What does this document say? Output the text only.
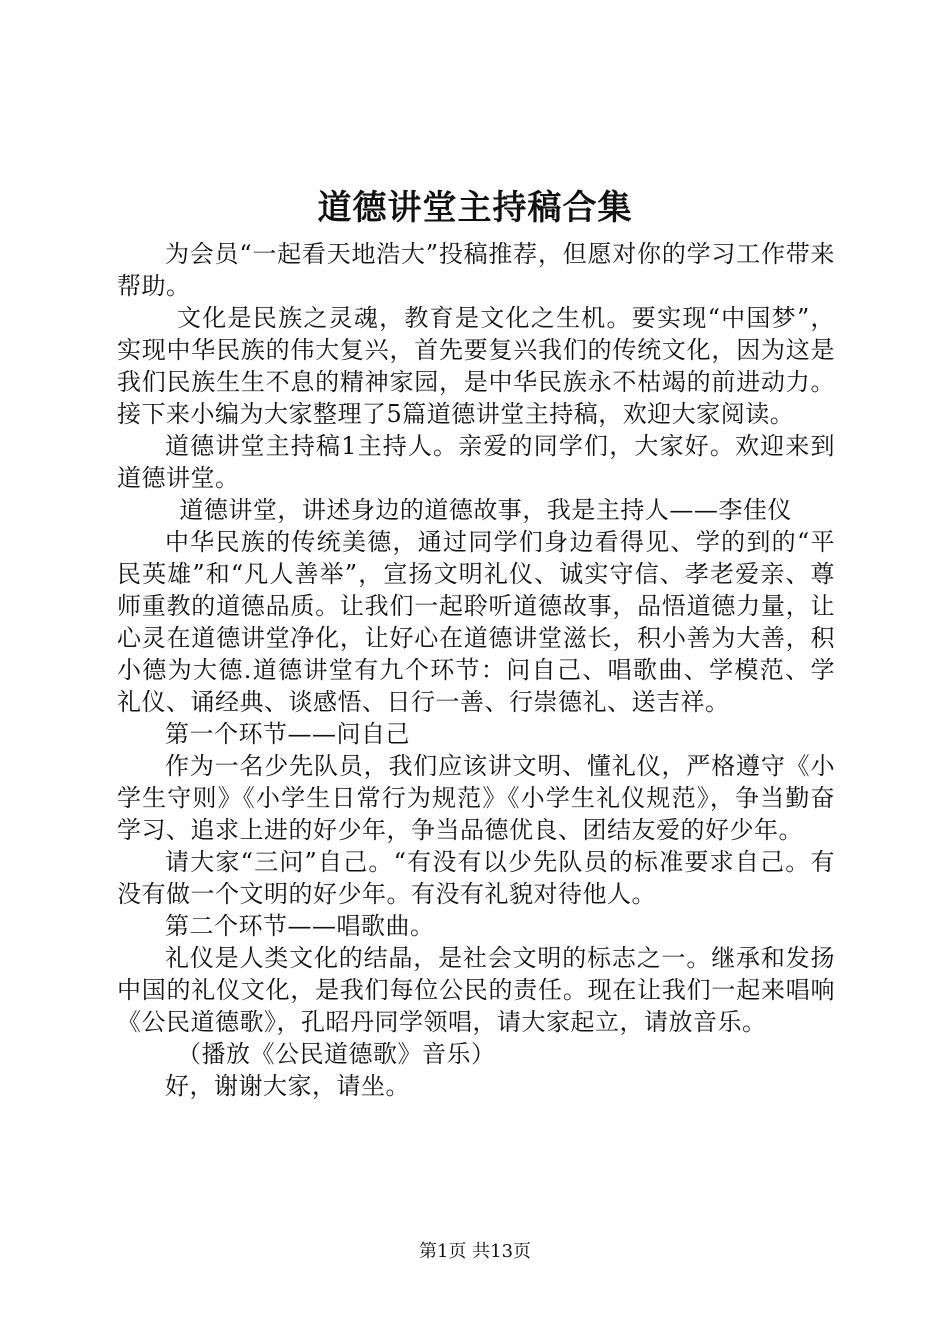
道德讲堂主持稿合集

为会员“一起看天地浩大”投稿推荐，但愿对你的学习工作带来帮助。

文化是民族之灵魂，教育是文化之生机。要实现“中国梦”，实现中华民族的伟大复兴，首先要复兴我们的传统文化，因为这是我们民族生生不息的精神家园，是中华民族永不枯竭的前进动力。接下来小编为大家整理了5篇道德讲堂主持稿，欢迎大家阅读。

道德讲堂主持稿1主持人。亲爱的同学们，大家好。欢迎来到道德讲堂。

道德讲堂，讲述身边的道德故事，我是主持人——李佳仪

中华民族的传统美德，通过同学们身边看得见、学的到的“平民英雄”和“凡人善举”，宣扬文明礼仪、诚实守信、孝老爱亲、尊师重教的道德品质。让我们一起聆听道德故事，品悟道德力量，让心灵在道德讲堂净化，让好心在道德讲堂滋长，积小善为大善，积小德为大德.道德讲堂有九个环节：问自己、唱歌曲、学模范、学礼仪、诵经典、谈感悟、日行一善、行崇德礼、送吉祥。

第一个环节——问自己

作为一名少先队员，我们应该讲文明、懂礼仪，严格遵守《小学生守则》《小学生日常行为规范》《小学生礼仪规范》，争当勤奋学习、追求上进的好少年，争当品德优良、团结友爱的好少年。

请大家“三问”自己。“有没有以少先队员的标准要求自己。有没有做一个文明的好少年。有没有礼貌对待他人。

第二个环节——唱歌曲。

礼仪是人类文化的结晶，是社会文明的标志之一。继承和发扬中国的礼仪文化，是我们每位公民的责任。现在让我们一起来唱响《公民道德歌》，孔昭丹同学领唱，请大家起立，请放音乐。

（播放《公民道德歌》音乐）

好，谢谢大家，请坐。

第1页 共13页
